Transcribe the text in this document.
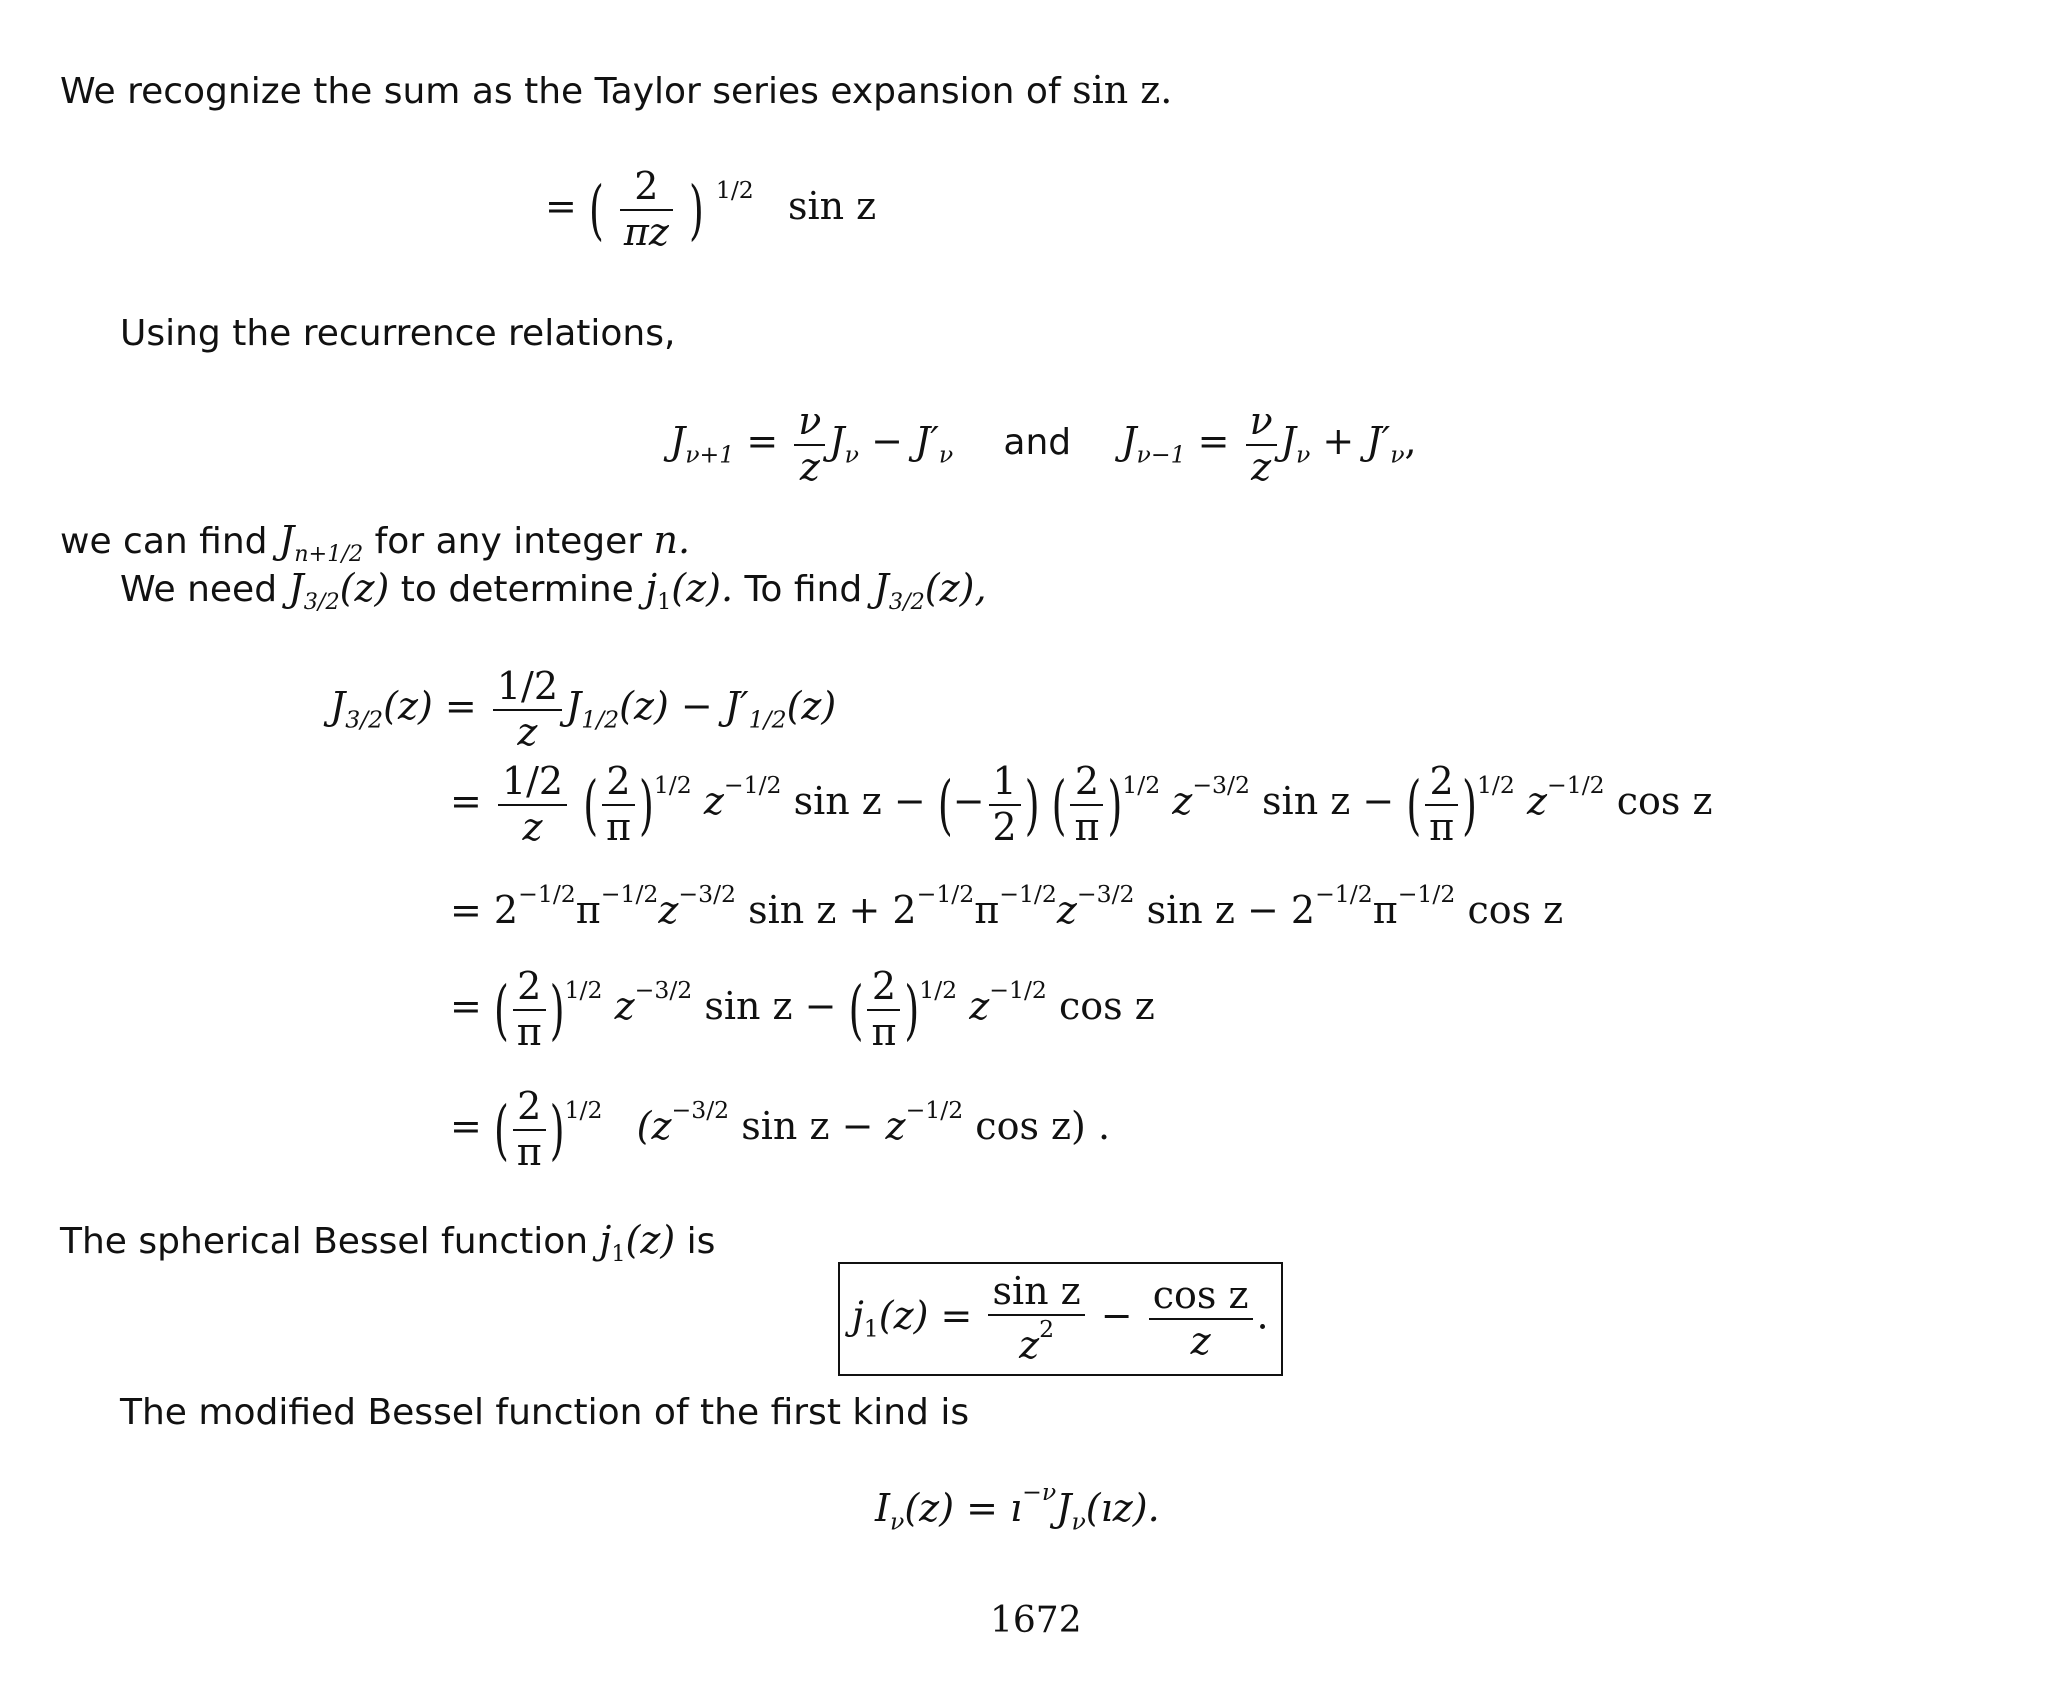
We recognize the sum as the Taylor series expansion of sin z.
= ( $\frac{2}{\pi z}$ ) $^{1/2}$ sin z
Using the recurrence relations,
$J_{\nu+1} = \frac{\nu}{z} J_\nu - J'_\nu$ and $J_{\nu-1} = \frac{\nu}{z} J_\nu + J'_\nu$,
we can find $J_{n+1/2}$ for any integer n.
We need $J_{3/2}(z)$ to determine $j_1(z)$. To find $J_{3/2}(z)$,
$J_{3/2}(z) = \frac{1/2}{z} J_{1/2}(z) - J'_{1/2}(z)$
= $\frac{1/2}{z}$ ( $\frac{2}{\pi} )^{1/2}$ $z^{-1/2}$ sin z − (− $\frac{1}{2}$ ) ( $\frac{2}{\pi} )^{1/2}$ $z^{-3/2}$ sin z − ( $\frac{2}{\pi} )^{1/2}$ $z^{-1/2}$ cos z
= $2^{-1/2}\pi^{-1/2}z^{-3/2}$ $\sin z + 2^{-1/2}\pi^{-1/2}z^{-3/2}$ $\sin z - 2^{-1/2}\pi^{-1/2}$ cos z
= ( $\frac{2}{\pi} )^{1/2}$ $z^{-3/2}$ sin z − ( $\frac{2}{\pi} )^{1/2}$ $z^{-1/2}$ cos z
= ( $\frac{2}{\pi} )^{1/2}$ ($z^{-3/2}$ $\sin z - z^{-1/2}$ cos z) .
The spherical Bessel function $j_1(z)$ is
$j_1(z) = \frac{\text{sin z}}{z^2} - \frac{\text{cos z}}{z}$ .
The modified Bessel function of the first kind is
$I_\nu(z)$ = $ı^{-\nu}J_\nu(ız)$.
1672
